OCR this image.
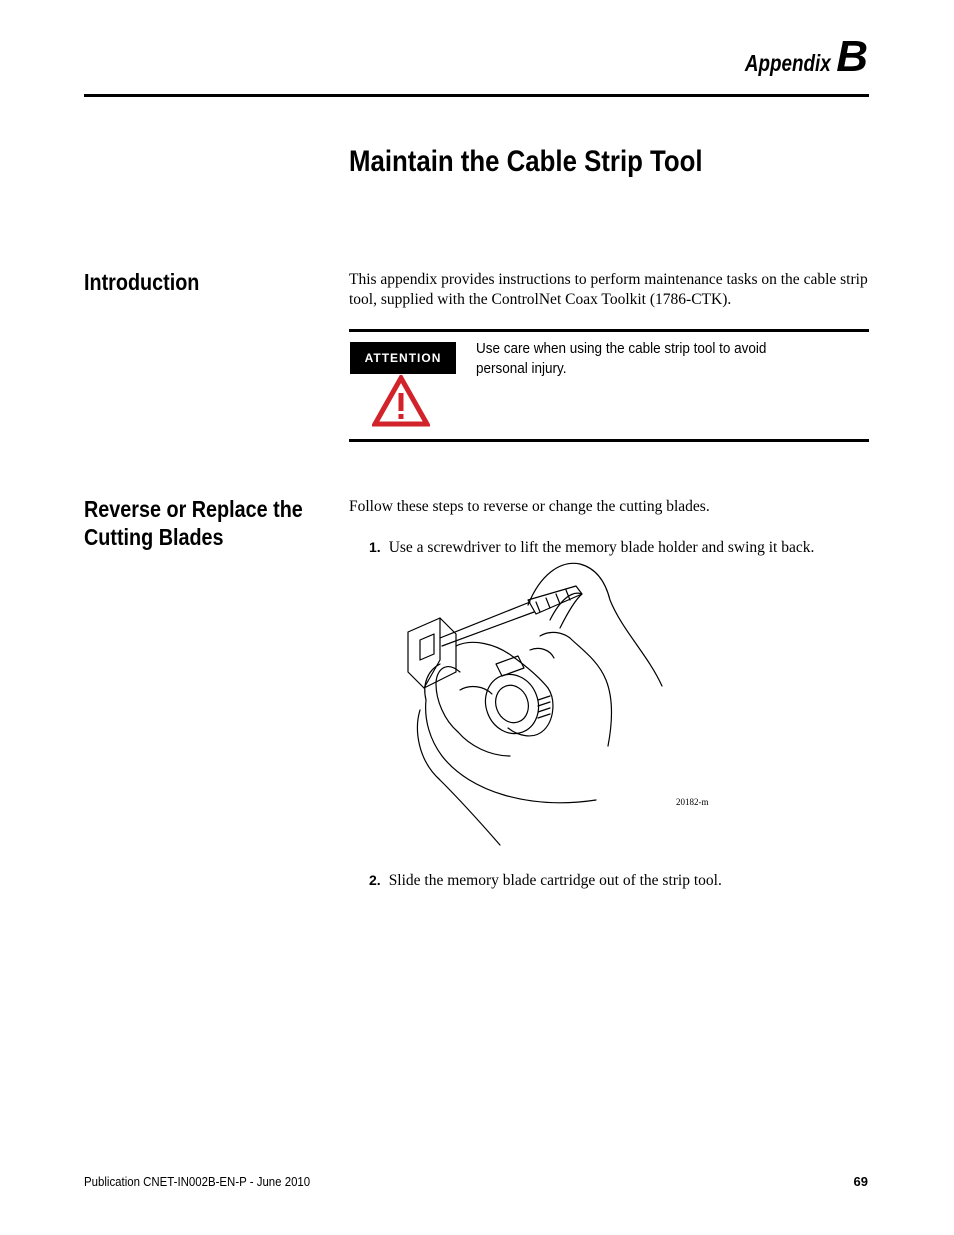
Appendix B
Maintain the Cable Strip Tool
Introduction	This appendix provides instructions to perform maintenance tasks on the cable strip tool, supplied with the ControlNet Coax Toolkit (1786-CTK).
ATTENTION
Use care when using the cable strip tool to avoid personal injury.
Reverse or Replace the Cutting Blades
Follow these steps to reverse or change the cutting blades.
1. Use a screwdriver to lift the memory blade holder and swing it back.
20182-m
2. Slide the memory blade cartridge out of the strip tool.
Publication CNET-IN002B-EN-P - June 2010	69
